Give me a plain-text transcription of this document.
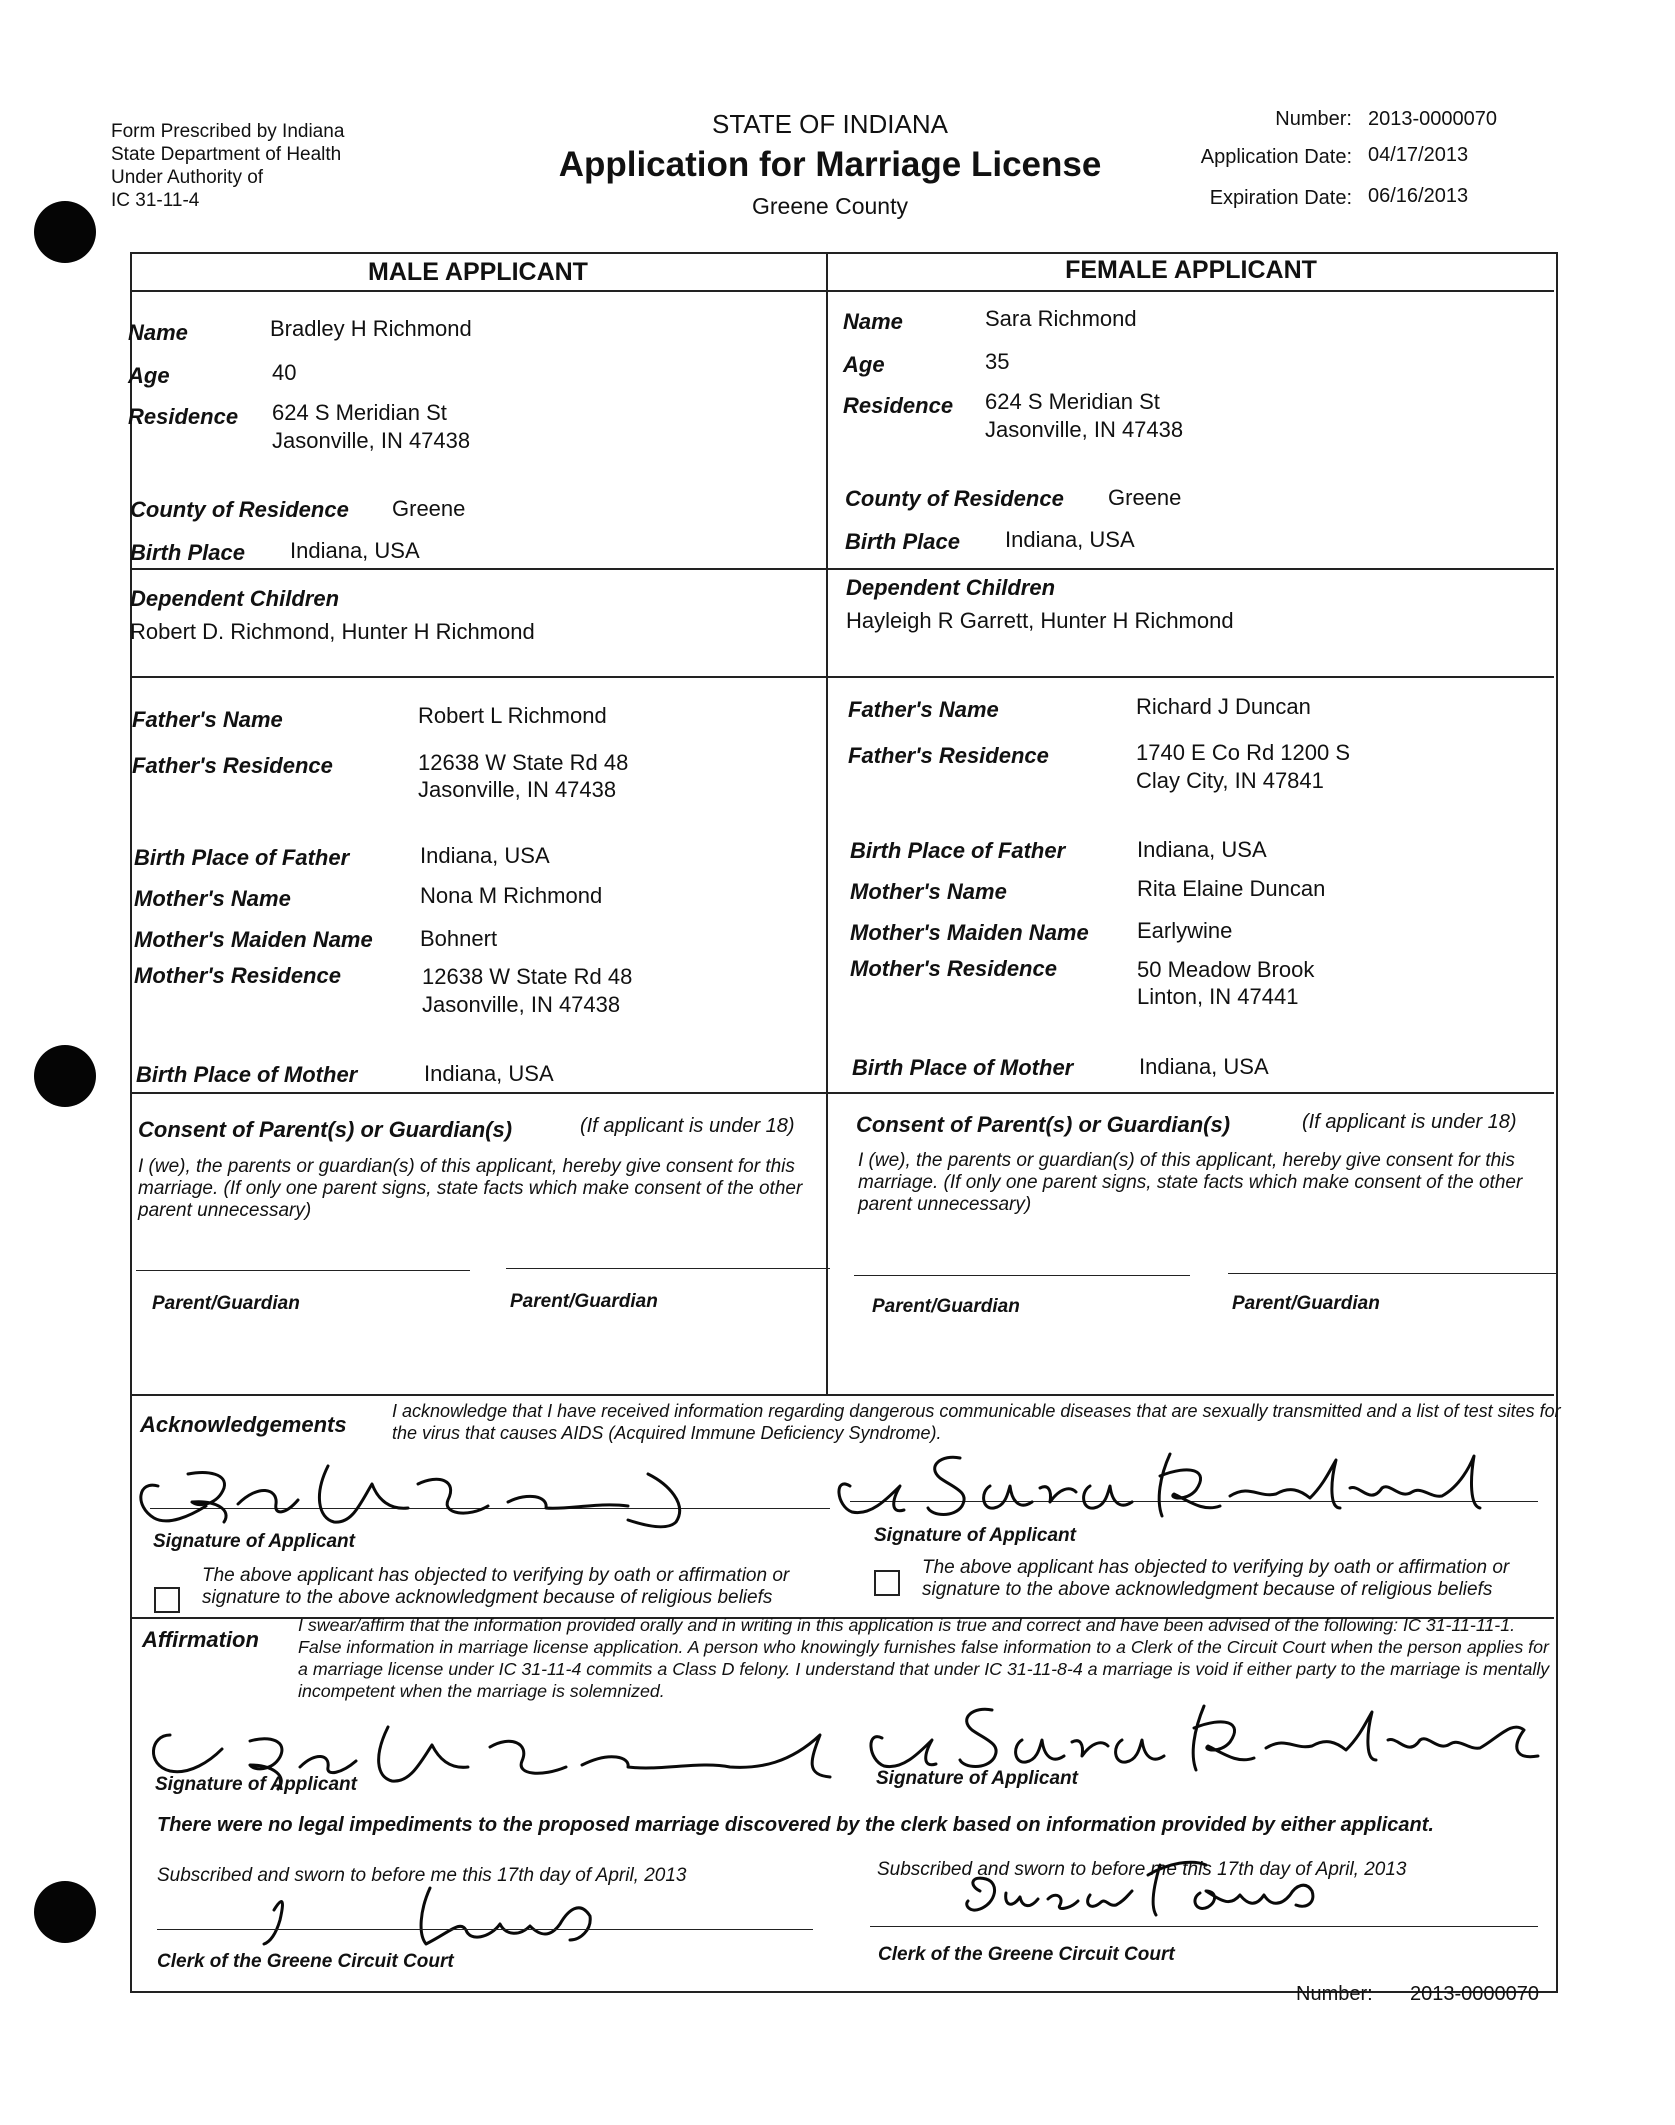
Form Prescribed by Indiana
State Department of Health
Under Authority of
IC 31-11-4
STATE OF INDIANA
Application for Marriage License
Greene County
Number: 2013-0000070
Application Date: 04/17/2013
Expiration Date: 06/16/2013
MALE APPLICANT	FEMALE APPLICANT
Name	Bradley H Richmond
Age	40
Residence 624 S Meridian St
Jasonville, IN 47438
County of Residence Greene
Birth Place Indiana, USA
Dependent Children
Robert D. Richmond, Hunter H Richmond
Father's Name	Robert L Richmond
Father's Residence	12638 W State Rd 48
Jasonville, IN 47438
Birth Place of Father	Indiana, USA
Mother's Name	Nona M Richmond
Mother's Maiden Name Bohnert
Mother's Residence	12638 W State Rd 48
Jasonville, IN 47438
Birth Place of Mother	Indiana, USA
Name	Sara Richmond
Age	35
Residence 624 S Meridian St
Jasonville, IN 47438
County of Residence Greene
Birth Place Indiana, USA
Dependent Children
Hayleigh R Garrett, Hunter H Richmond
Father's Name	Richard J Duncan
Father's Residence	1740 E Co Rd 1200 S
Clay City, IN 47841
Birth Place of Father	Indiana, USA
Mother's Name	Rita Elaine Duncan
Mother's Maiden Name Earlywine
Mother's Residence	50 Meadow Brook
Linton, IN 47441
Birth Place of Mother	Indiana, USA
Consent of Parent(s) or Guardian(s)	(If applicant is under 18)
I (we), the parents or guardian(s) of this applicant, hereby give consent for this marriage. (If only one parent signs, state facts which make consent of the other parent unnecessary)
Parent/Guardian	Parent/Guardian
Consent of Parent(s) or Guardian(s)	(If applicant is under 18)
I (we), the parents or guardian(s) of this applicant, hereby give consent for this marriage. (If only one parent signs, state facts which make consent of the other parent unnecessary)
Parent/Guardian	Parent/Guardian
Acknowledgements
I acknowledge that I have received information regarding dangerous communicable diseases that are sexually transmitted and a list of test sites for the virus that causes AIDS (Acquired Immune Deficiency Syndrome).
Signature of Applicant	Signature of Applicant
The above applicant has objected to verifying by oath or affirmation or signature to the above acknowledgment because of religious beliefs
The above applicant has objected to verifying by oath or affirmation or signature to the above acknowledgment because of religious beliefs
Affirmation
I swear/affirm that the information provided orally and in writing in this application is true and correct and have been advised of the following: IC 31-11-11-1. False information in marriage license application. A person who knowingly furnishes false information to a Clerk of the Circuit Court when the person applies for a marriage license under IC 31-11-4 commits a Class D felony. I understand that under IC 31-11-8-4 a marriage is void if either party to the marriage is mentally incompetent when the marriage is solemnized.
Signature of Applicant	Signature of Applicant
There were no legal impediments to the proposed marriage discovered by the clerk based on information provided by either applicant.
Subscribed and sworn to before me this 17th day of April, 2013	Subscribed and sworn to before me this 17th day of April, 2013
Clerk of the Greene Circuit Court	Clerk of the Greene Circuit Court
Number: 2013-0000070
